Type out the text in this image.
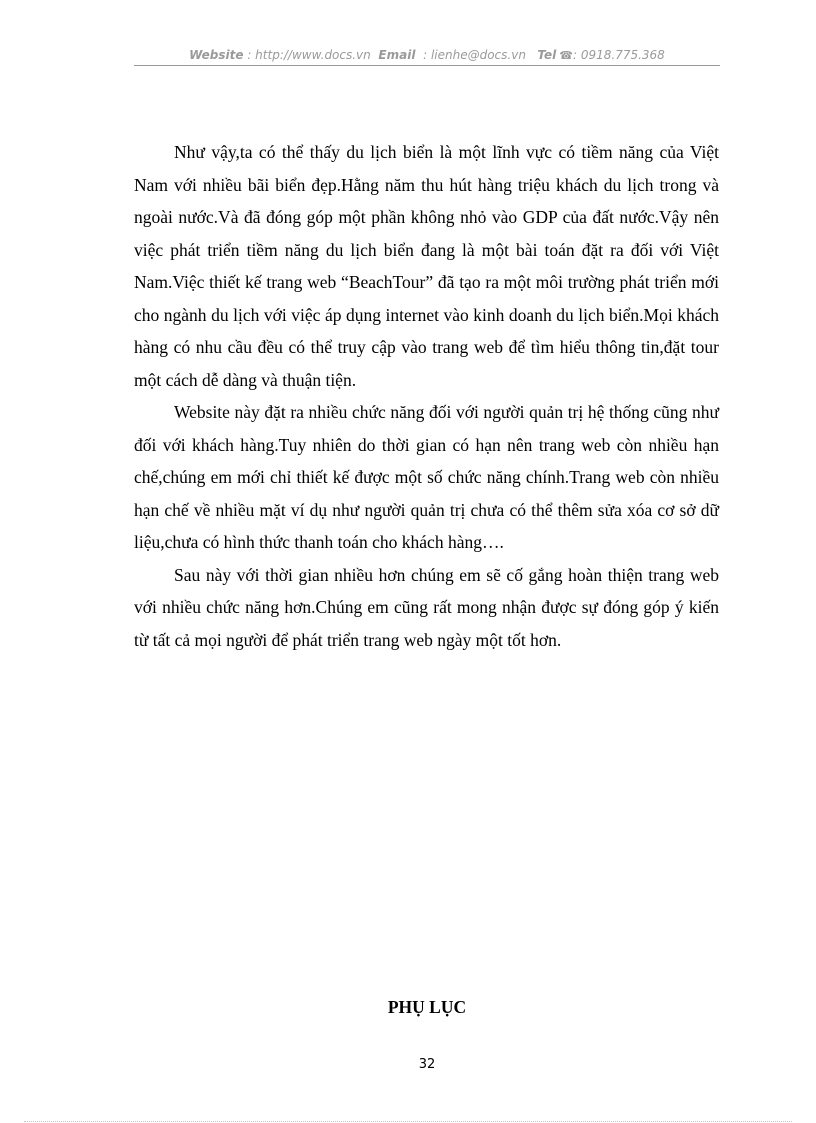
Website : http://www.docs.vn Email : lienhe@docs.vn Tel ☎: 0918.775.368

Như vậy,ta có thể thấy du lịch biển là một lĩnh vực có tiềm năng của Việt Nam với nhiều bãi biển đẹp.Hằng năm thu hút hàng triệu khách du lịch trong và ngoài nước.Và đã đóng góp một phần không nhỏ vào GDP của đất nước.Vậy nên việc phát triển tiềm năng du lịch biển đang là một bài toán đặt ra đối với Việt Nam.Việc thiết kế trang web “BeachTour” đã tạo ra một môi trường phát triển mới cho ngành du lịch với việc áp dụng internet vào kinh doanh du lịch biển.Mọi khách hàng có nhu cầu đều có thể truy cập vào trang web để tìm hiểu thông tin,đặt tour một cách dễ dàng và thuận tiện.

Website này đặt ra nhiều chức năng đối với người quản trị hệ thống cũng như đối với khách hàng.Tuy nhiên do thời gian có hạn nên trang web còn nhiều hạn chế,chúng em mới chỉ thiết kế được một số chức năng chính.Trang web còn nhiều hạn chế về nhiều mặt ví dụ như người quản trị chưa có thể thêm sửa xóa cơ sở dữ liệu,chưa có hình thức thanh toán cho khách hàng….

Sau này với thời gian nhiều hơn chúng em sẽ cố gắng hoàn thiện trang web với nhiều chức năng hơn.Chúng em cũng rất mong nhận được sự đóng góp ý kiến từ tất cả mọi người để phát triển trang web ngày một tốt hơn.

PHỤ LỤC
32
